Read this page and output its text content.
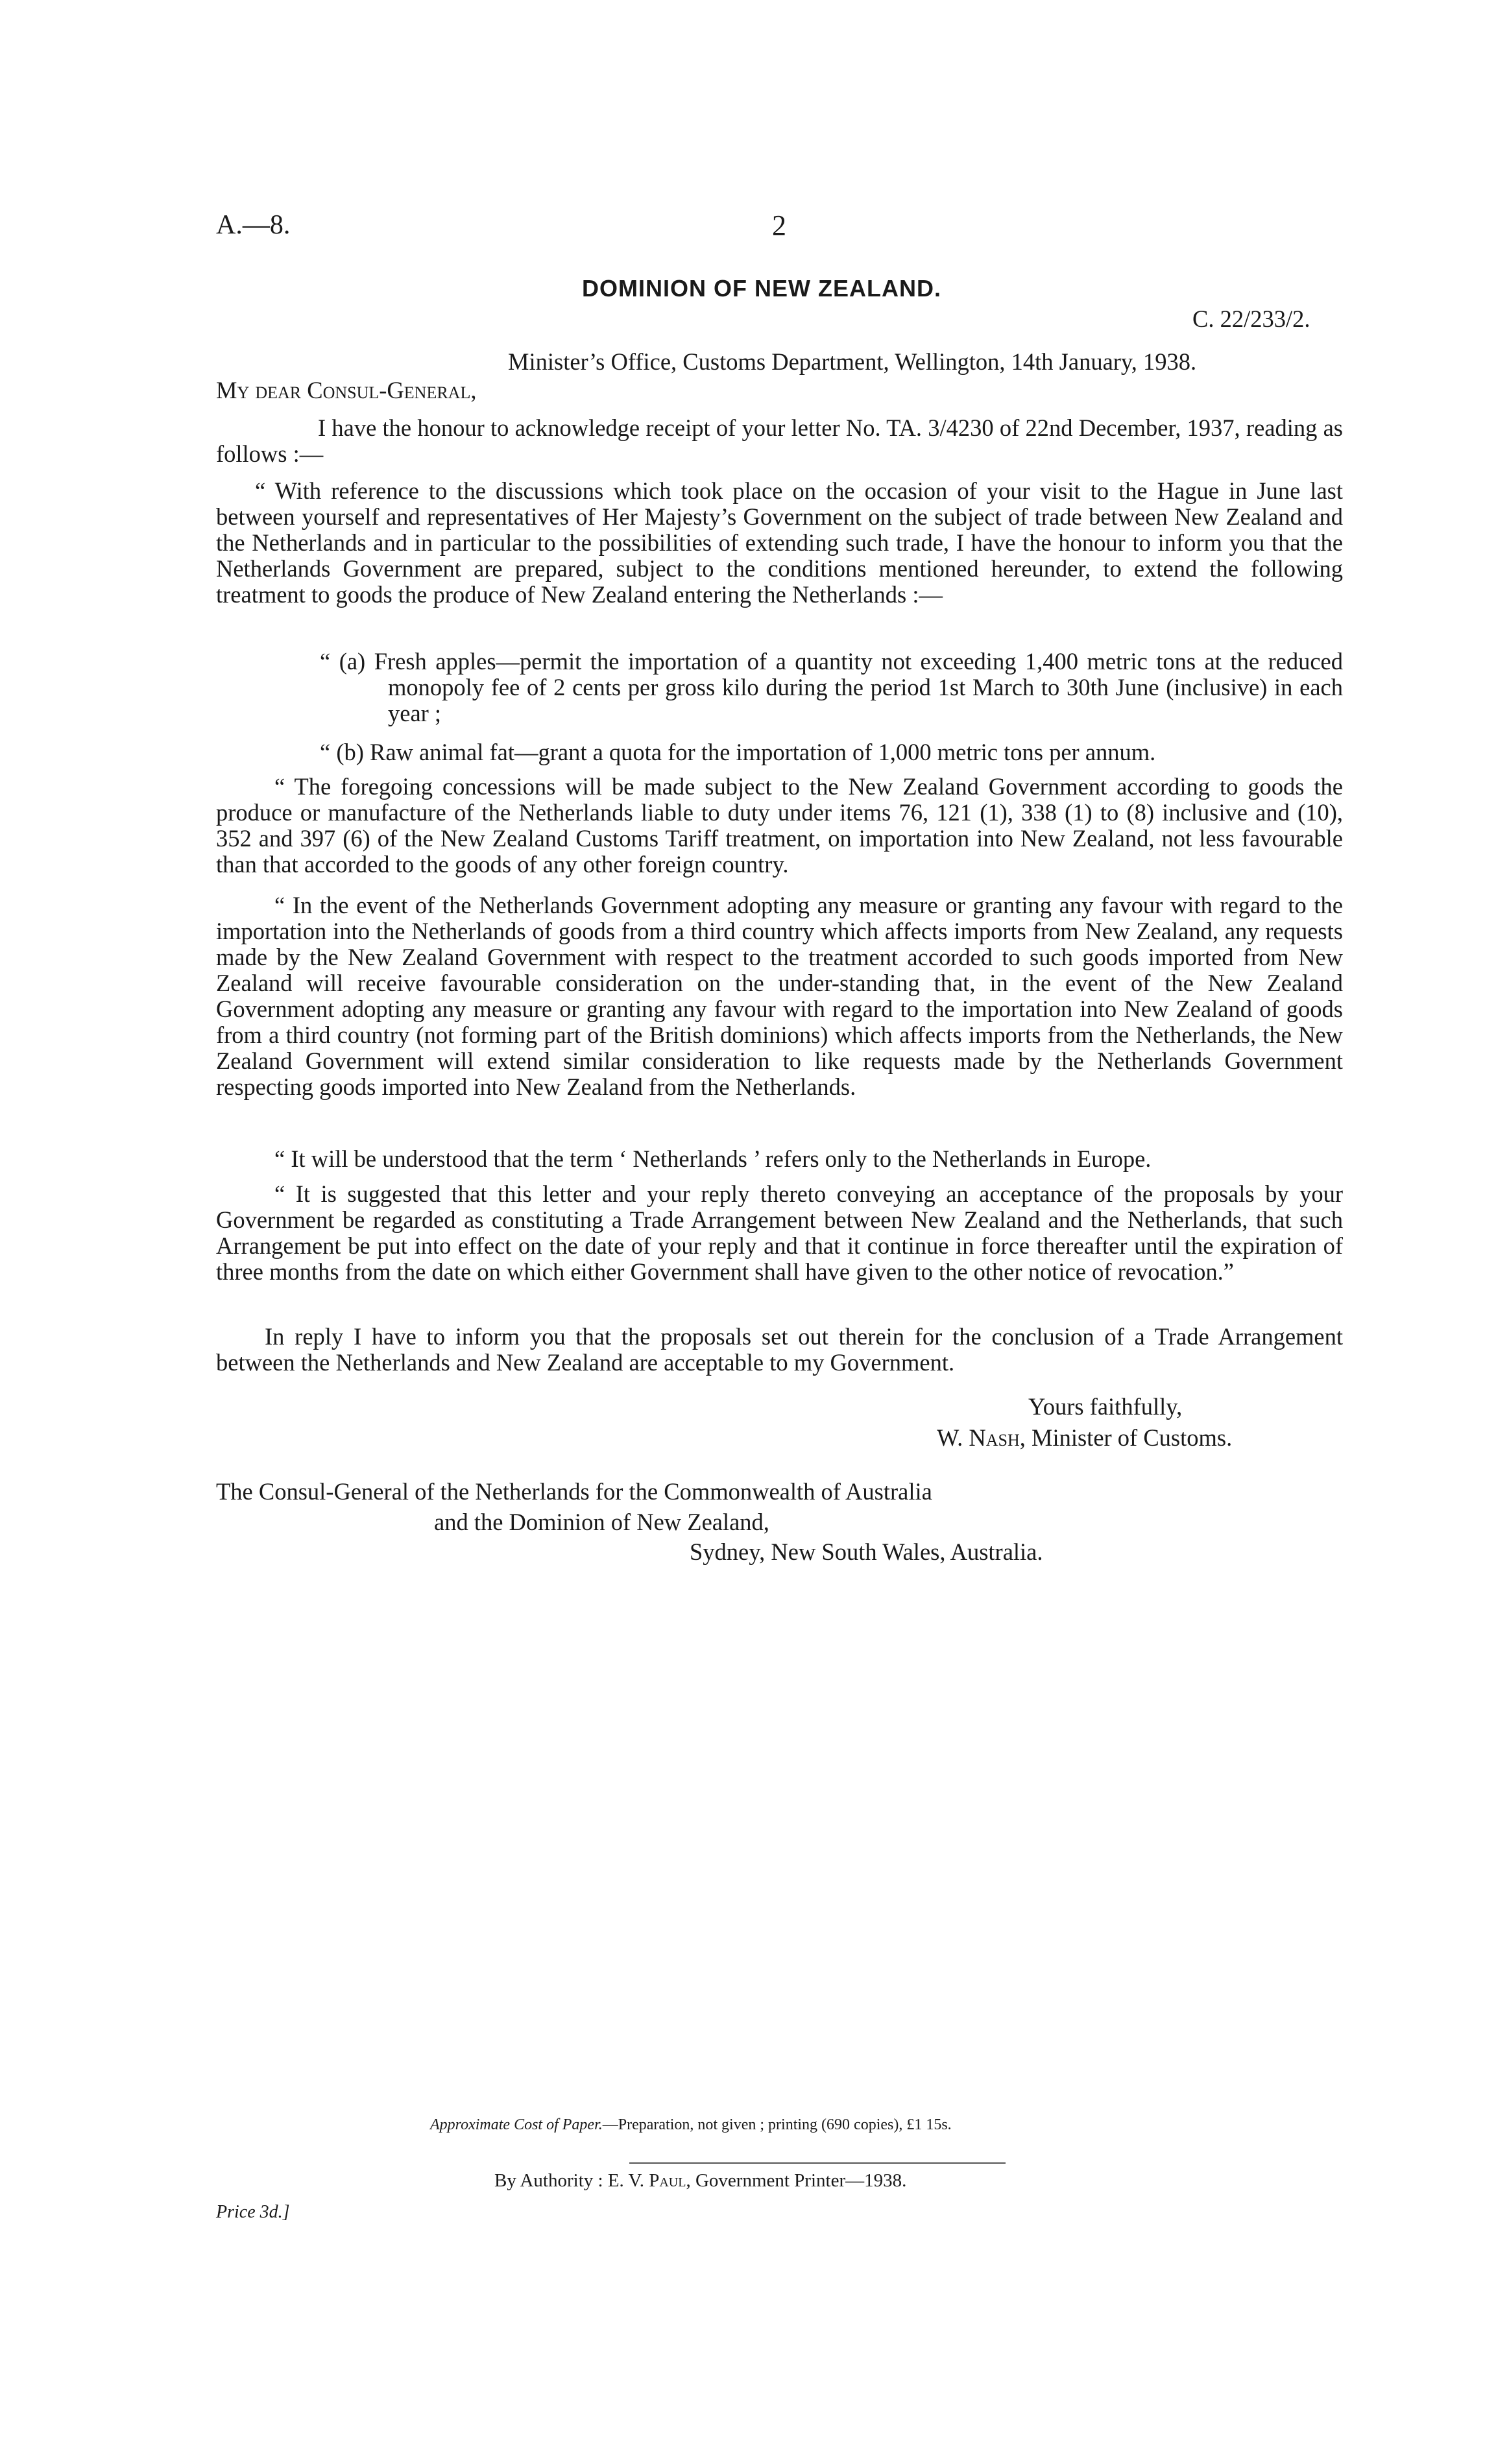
A.—8.	2
DOMINION OF NEW ZEALAND.
C. 22/233/2.
Minister’s Office, Customs Department, Wellington, 14th January, 1938.
My dear Consul-General,
I have the honour to acknowledge receipt of your letter No. TA. 3/4230 of 22nd December, 1937, reading as follows :—
“ With reference to the discussions which took place on the occasion of your visit to the Hague in June last between yourself and representatives of Her Majesty’s Government on the subject of trade between New Zealand and the Netherlands and in particular to the possibilities of extending such trade, I have the honour to inform you that the Netherlands Government are prepared, subject to the conditions mentioned hereunder, to extend the following treatment to goods the produce of New Zealand entering the Netherlands :—
“ (a) Fresh apples—permit the importation of a quantity not exceeding 1,400 metric tons at the reduced monopoly fee of 2 cents per gross kilo during the period 1st March to 30th June (inclusive) in each year ;
“ (b) Raw animal fat—grant a quota for the importation of 1,000 metric tons per annum.
“ The foregoing concessions will be made subject to the New Zealand Government according to goods the produce or manufacture of the Netherlands liable to duty under items 76, 121 (1), 338 (1) to (8) inclusive and (10), 352 and 397 (6) of the New Zealand Customs Tariff treatment, on importation into New Zealand, not less favourable than that accorded to the goods of any other foreign country.
“ In the event of the Netherlands Government adopting any measure or granting any favour with regard to the importation into the Netherlands of goods from a third country which affects imports from New Zealand, any requests made by the New Zealand Government with respect to the treatment accorded to such goods imported from New Zealand will receive favourable consideration on the under-standing that, in the event of the New Zealand Government adopting any measure or granting any favour with regard to the importation into New Zealand of goods from a third country (not forming part of the British dominions) which affects imports from the Netherlands, the New Zealand Government will extend similar consideration to like requests made by the Netherlands Government respecting goods imported into New Zealand from the Netherlands.
“ It will be understood that the term ‘ Netherlands ’ refers only to the Netherlands in Europe.
“ It is suggested that this letter and your reply thereto conveying an acceptance of the proposals by your Government be regarded as constituting a Trade Arrangement between New Zealand and the Netherlands, that such Arrangement be put into effect on the date of your reply and that it continue in force thereafter until the expiration of three months from the date on which either Government shall have given to the other notice of revocation.”
In reply I have to inform you that the proposals set out therein for the conclusion of a Trade Arrangement between the Netherlands and New Zealand are acceptable to my Government.
Yours faithfully,
W. Nash, Minister of Customs.
The Consul-General of the Netherlands for the Commonwealth of Australia
and the Dominion of New Zealand,
Sydney, New South Wales, Australia.
Approximate Cost of Paper.—Preparation, not given ; printing (690 copies), £1 15s.
By Authority : E. V. Paul, Government Printer—1938.
Price 3d.]
